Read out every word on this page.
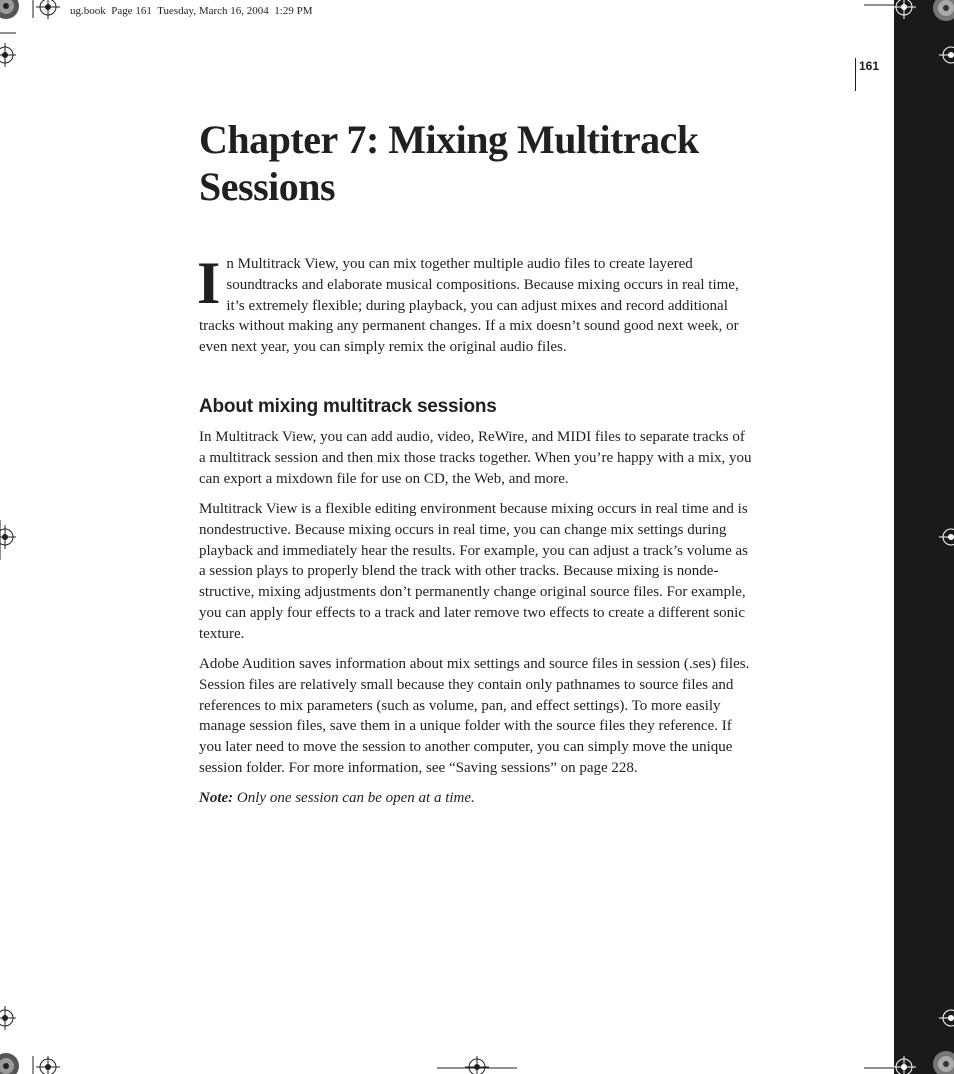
ug.book  Page 161  Tuesday, March 16, 2004  1:29 PM
161
Chapter 7: Mixing Multitrack Sessions
In Multitrack View, you can mix together multiple audio files to create layered soundtracks and elaborate musical compositions. Because mixing occurs in real time, it’s extremely flexible; during playback, you can adjust mixes and record additional tracks without making any permanent changes. If a mix doesn’t sound good next week, or even next year, you can simply remix the original audio files.
About mixing multitrack sessions

In Multitrack View, you can add audio, video, ReWire, and MIDI files to separate tracks of a multitrack session and then mix those tracks together. When you’re happy with a mix, you can export a mixdown file for use on CD, the Web, and more.

Multitrack View is a flexible editing environment because mixing occurs in real time and is nondestructive. Because mixing occurs in real time, you can change mix settings during playback and immediately hear the results. For example, you can adjust a track’s volume as a session plays to properly blend the track with other tracks. Because mixing is nonde-structive, mixing adjustments don’t permanently change original source files. For example, you can apply four effects to a track and later remove two effects to create a different sonic texture.

Adobe Audition saves information about mix settings and source files in session (.ses) files. Session files are relatively small because they contain only pathnames to source files and references to mix parameters (such as volume, pan, and effect settings). To more easily manage session files, save them in a unique folder with the source files they reference. If you later need to move the session to another computer, you can simply move the unique session folder. For more information, see “Saving sessions” on page 228.

Note: Only one session can be open at a time.
